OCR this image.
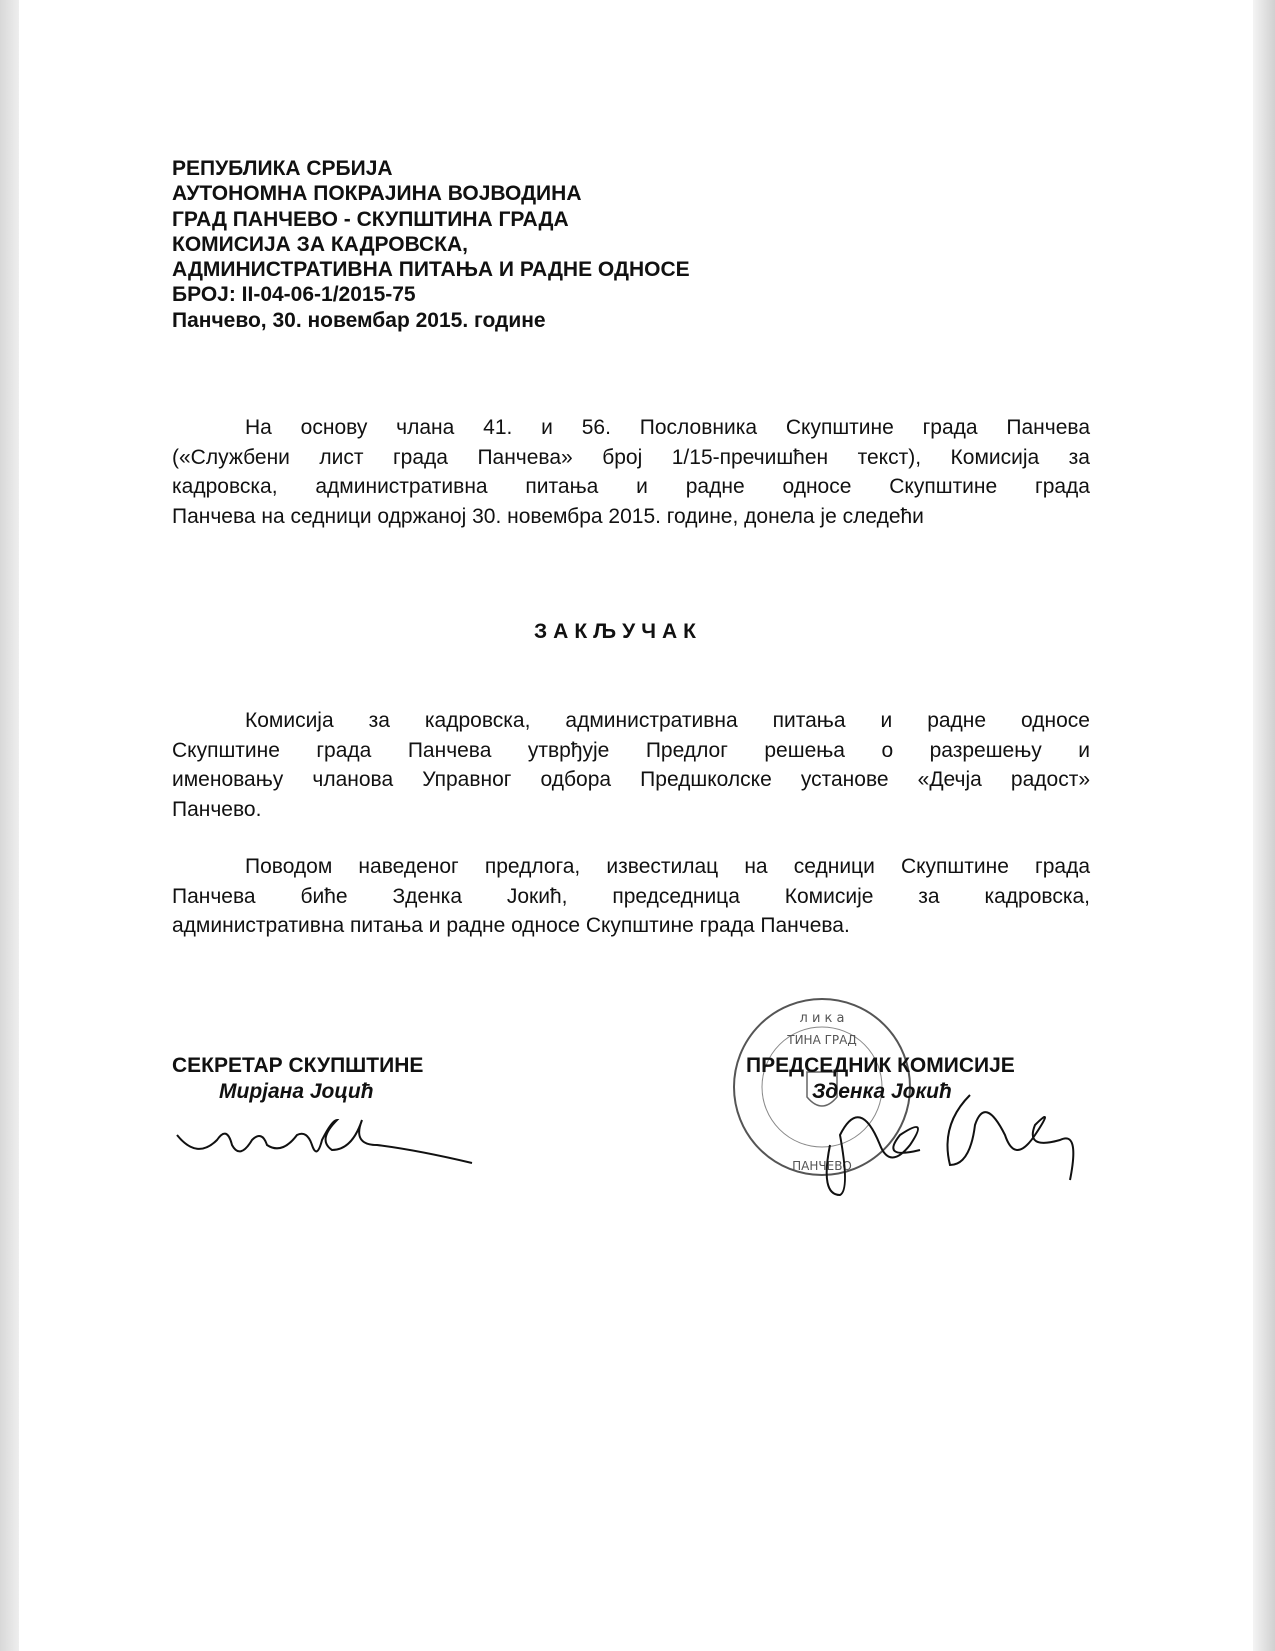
РЕПУБЛИКА СРБИЈА
АУТОНОМНА ПОКРАЈИНА ВОЈВОДИНА
ГРАД ПАНЧЕВО - СКУПШТИНА ГРАДА
КОМИСИЈА ЗА КАДРОВСКА,
АДМИНИСТРАТИВНА ПИТАЊА И РАДНЕ ОДНОСЕ
БРОЈ: II-04-06-1/2015-75
Панчево, 30. новембар 2015. године
На основу члана 41. и 56. Пословника Скупштине града Панчева
(«Службени лист града Панчева» број 1/15-пречишћен текст), Комисија за
кадровска, административна питања и радне односе Скупштине града
Панчева на седници одржаној 30. новембра 2015. године, донела је следећи
ЗАКЉУЧАК
Комисија за кадровска, административна питања и радне односе
Скупштине града Панчева утврђује Предлог решења о разрешењу и
именовању чланова Управног одбора Предшколске установе «Дечја радост»
Панчево.
Поводом наведеног предлога, известилац на седници Скупштине града
Панчева биће Зденка Јокић, председница Комисије за кадровска,
административна питања и радне односе Скупштине града Панчева.
л и к а
ТИНА ГРАД
ПАНЧЕВО
СЕКРЕТАР СКУПШТИНЕ
Мирјана Јоцић
ПРЕДСЕДНИК КОМИСИЈЕ
Зденка Јокић
